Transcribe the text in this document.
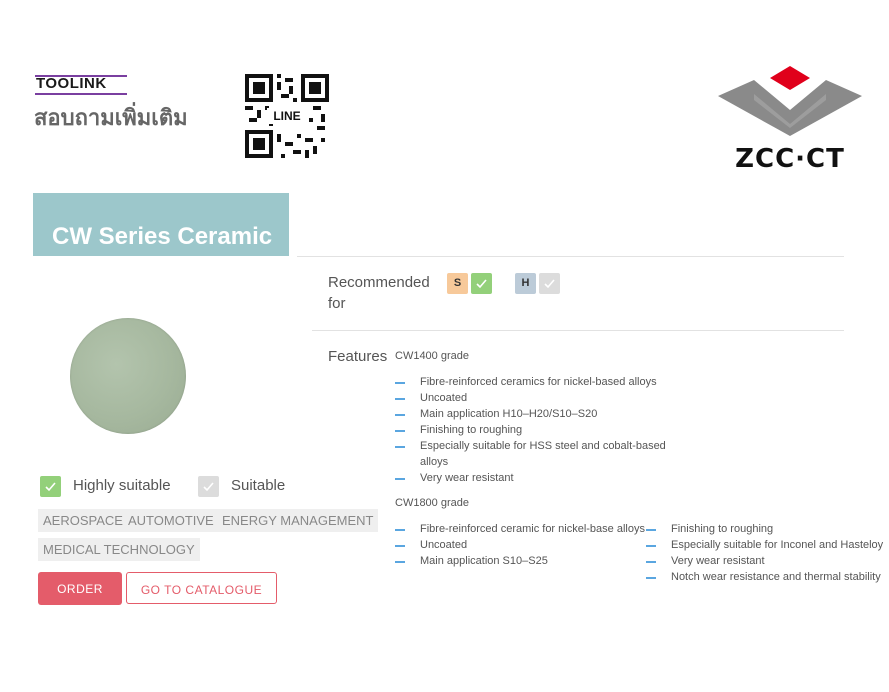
TOOLINK
สอบถามเพิ่มเติม	LINE
ZCC·CT
CW Series Ceramic
Highly suitable	Suitable
AEROSPACE AUTOMOTIVE ENERGY MANAGEMENT
MEDICAL TECHNOLOGY
ORDER	GO TO CATALOGUE
Recommended
for
S	H
Features CW1400 grade
Fibre-reinforced ceramics for nickel-based alloys
Uncoated
Main application H10–H20/S10–S20
Finishing to roughing
Especially suitable for HSS steel and cobalt-based alloys
Very wear resistant
CW1800 grade
Fibre-reinforced ceramic for nickel-base alloys
Uncoated
Main application S10–S25
Finishing to roughing
Especially suitable for Inconel and Hasteloy
Very wear resistant
Notch wear resistance and thermal stability
